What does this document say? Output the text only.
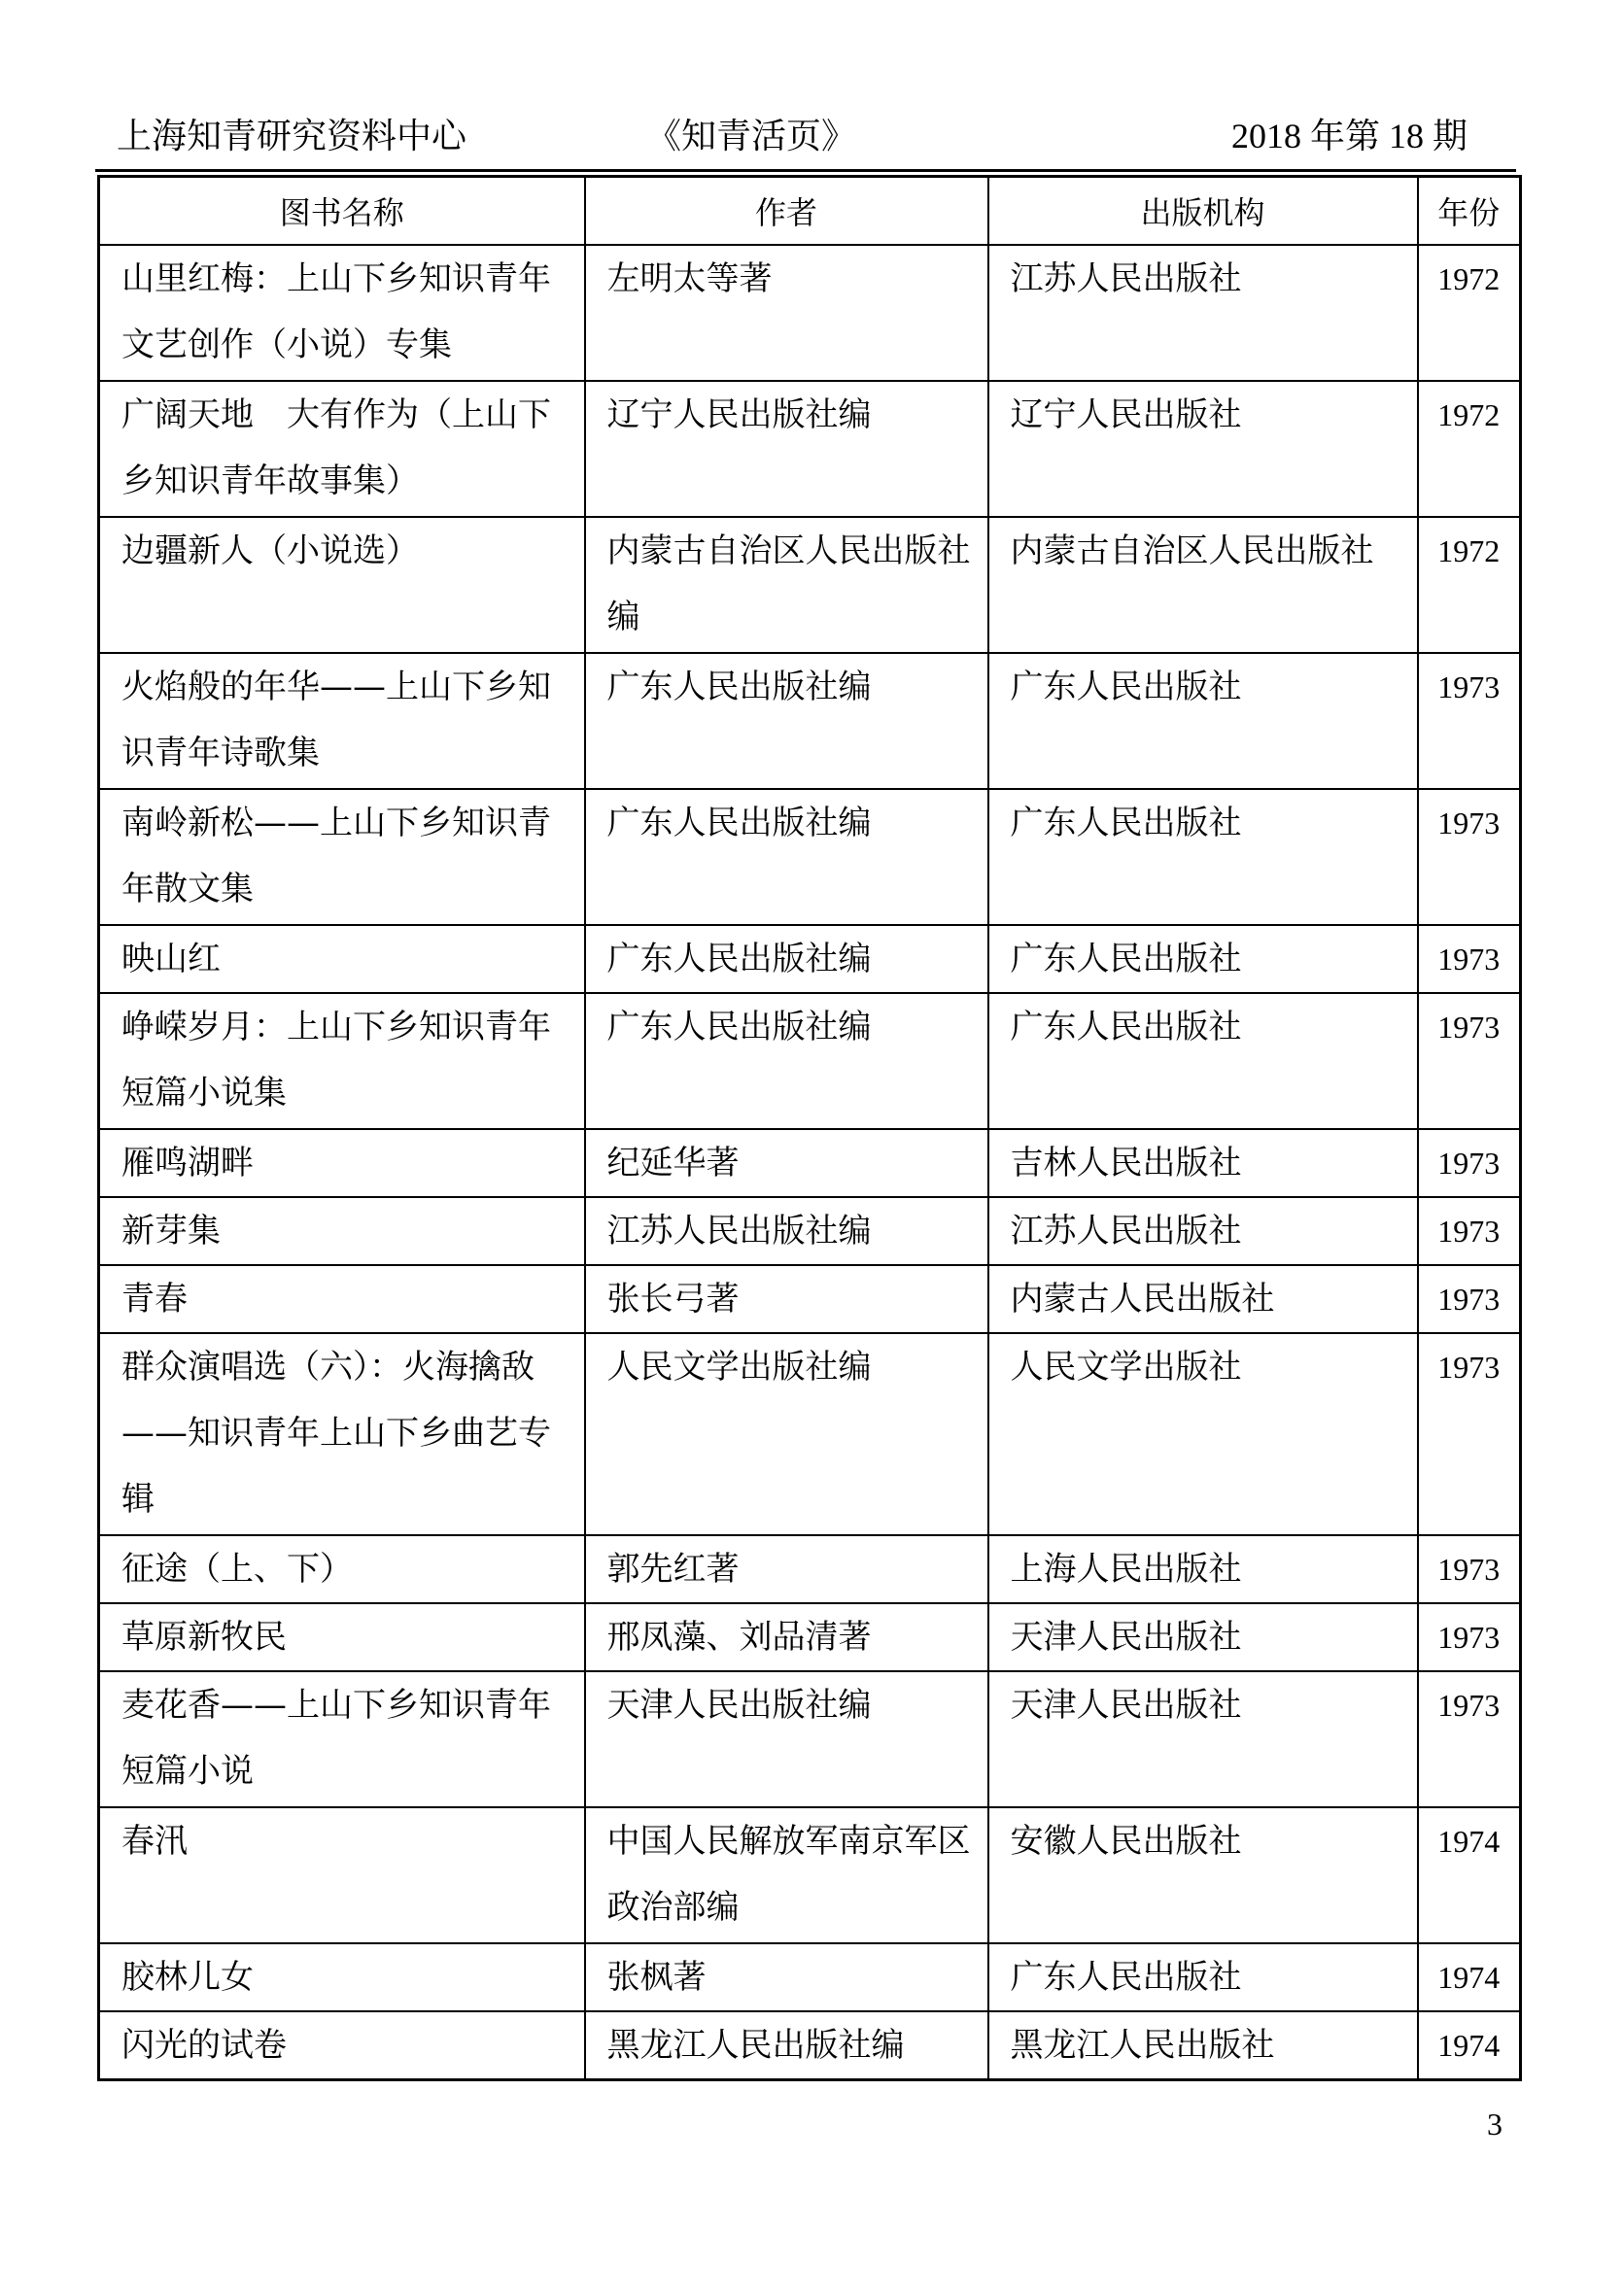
上海知青研究资料中心	《知青活页》	2018 年第 18 期
图书名称	作者	出版机构	年份
山里红梅：上山下乡知识青年文艺创作（小说）专集	左明太等著	江苏人民出版社	1972
广阔天地　大有作为（上山下乡知识青年故事集）	辽宁人民出版社编	辽宁人民出版社	1972
边疆新人（小说选）	内蒙古自治区人民出版社编	内蒙古自治区人民出版社	1972
火焰般的年华——上山下乡知识青年诗歌集	广东人民出版社编	广东人民出版社	1973
南岭新松——上山下乡知识青年散文集	广东人民出版社编	广东人民出版社	1973
映山红	广东人民出版社编	广东人民出版社	1973
峥嵘岁月：上山下乡知识青年短篇小说集	广东人民出版社编	广东人民出版社	1973
雁鸣湖畔	纪延华著	吉林人民出版社	1973
新芽集	江苏人民出版社编	江苏人民出版社	1973
青春	张长弓著	内蒙古人民出版社	1973
群众演唱选（六）：火海擒敌——知识青年上山下乡曲艺专辑	人民文学出版社编	人民文学出版社	1973
征途（上、下）	郭先红著	上海人民出版社	1973
草原新牧民	邢凤藻、刘品清著	天津人民出版社	1973
麦花香——上山下乡知识青年短篇小说	天津人民出版社编	天津人民出版社	1973
春汛	中国人民解放军南京军区政治部编	安徽人民出版社	1974
胶林儿女	张枫著	广东人民出版社	1974
闪光的试卷	黑龙江人民出版社编	黑龙江人民出版社	1974
3
